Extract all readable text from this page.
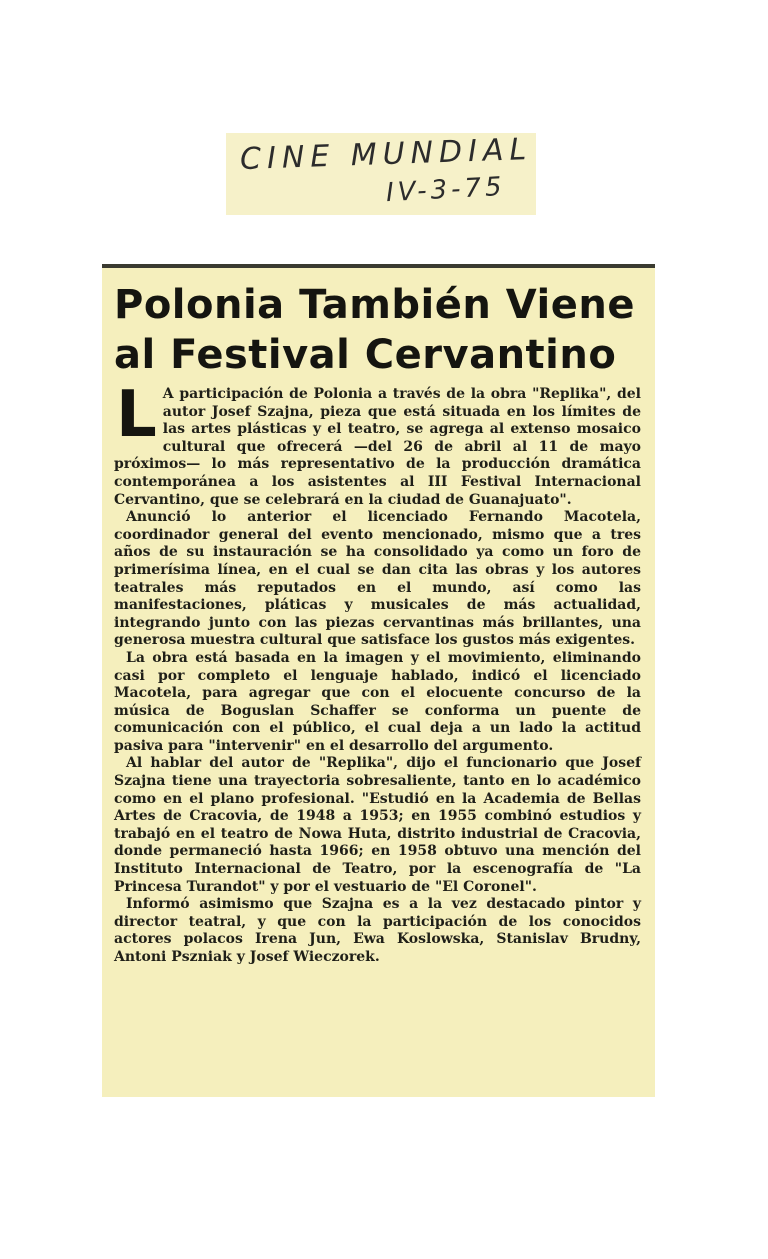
CINE MUNDIAL

IV-3-75

Polonia También Viene
al Festival Cervantino

L A participación de Polonia a través de la obra "Replika", del autor Josef Szajna, pieza que está situada en los límites de las artes plásticas y el teatro, se agrega al extenso mosaico cultural que ofrecerá —del 26 de abril al 11 de mayo próximos— lo más representativo de la producción dramática contemporánea a los asistentes al III Festival Internacional Cervantino, que se celebrará en la ciudad de Guanajuato".

Anunció lo anterior el licenciado Fernando Macotela, coordinador general del evento mencionado, mismo que a tres años de su instauración se ha consolidado ya como un foro de primerísima línea, en el cual se dan cita las obras y los autores teatrales más reputados en el mundo, así como las manifestaciones, pláticas y musicales de más actualidad, integrando junto con las piezas cervantinas más brillantes, una generosa muestra cultural que satisface los gustos más exigentes.

La obra está basada en la imagen y el movimiento, eliminando casi por completo el lenguaje hablado, indicó el licenciado Macotela, para agregar que con el elocuente concurso de la música de Boguslan Schaffer se conforma un puente de comunicación con el público, el cual deja a un lado la actitud pasiva para "intervenir" en el desarrollo del argumento.

Al hablar del autor de "Replika", dijo el funcionario que Josef Szajna tiene una trayectoria sobresaliente, tanto en lo académico como en el plano profesional. "Estudió en la Academia de Bellas Artes de Cracovia, de 1948 a 1953; en 1955 combinó estudios y trabajó en el teatro de Nowa Huta, distrito industrial de Cracovia, donde permaneció hasta 1966; en 1958 obtuvo una mención del Instituto Internacional de Teatro, por la escenografía de "La Princesa Turandot" y por el vestuario de "El Coronel".

Informó asimismo que Szajna es a la vez destacado pintor y director teatral, y que con la participación de los conocidos actores polacos Irena Jun, Ewa Koslowska, Stanislav Brudny, Antoni Pszniak y Josef Wieczorek.
